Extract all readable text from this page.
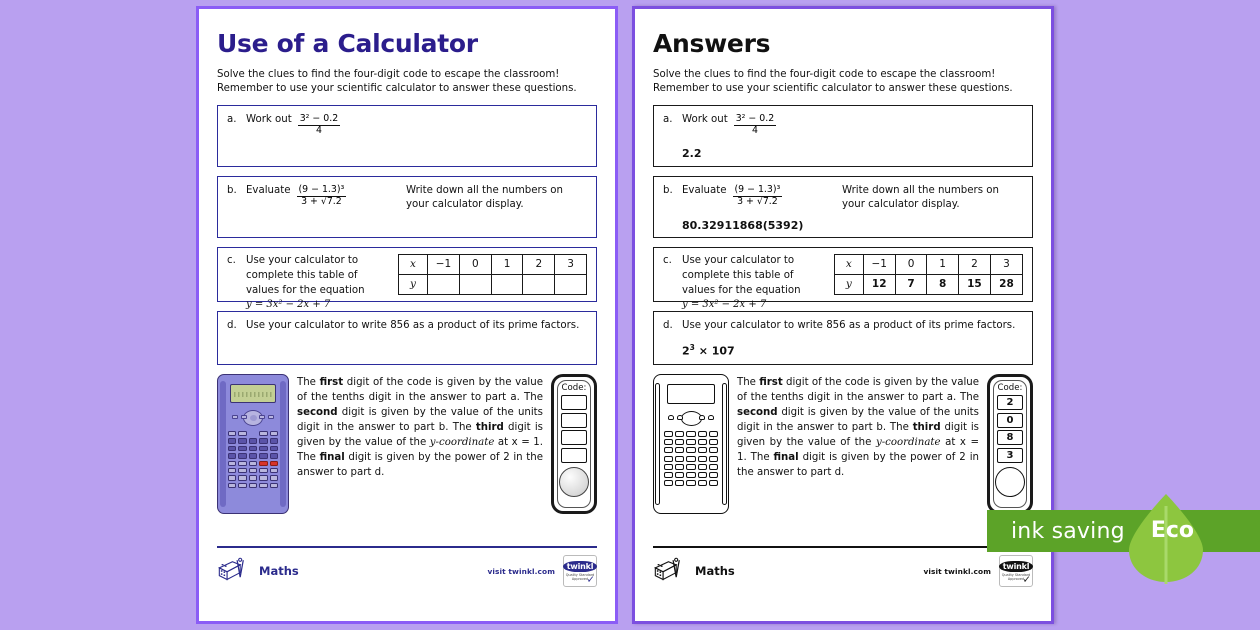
Use of a Calculator
Solve the clues to find the four-digit code to escape the classroom!
Remember to use your scientific calculator to answer these questions.
a. Work out $\frac{\text{3² − 0.2}}{4}$
b. Evaluate $\frac{\text{(9 − 1.3)³}}{3 + √7.2}$	Write down all the numbers on your calculator display.
c. Use your calculator to
complete this table of
values for the equation
y = 3x² − 2x + 7
x	−1	0	1	2	3
y					
d. Use your calculator to write 856 as a product of its prime factors.
The first digit of the code is given by the value of the tenths digit in the answer to part a. The second digit is given by the value of the units digit in the answer to part b. The third digit is given by the value of the y-coordinate at x = 1. The final digit is given by the power of 2 in the answer to part d.
Code:
Maths	visit twinkl.com
twinkl
Quality Standard Approved
✓
Answers
Solve the clues to find the four-digit code to escape the classroom!
Remember to use your scientific calculator to answer these questions.
a. Work out $\frac{\text{3² − 0.2}}{4}$
2.2
b. Evaluate $\frac{\text{(9 − 1.3)³}}{3 + √7.2}$	Write down all the numbers on your calculator display.
80.32911868(5392)
c. Use your calculator to
complete this table of
values for the equation
y = 3x² − 2x + 7
x	−1	0	1	2	3
y	12	7	8	15	28
d. Use your calculator to write 856 as a product of its prime factors.
$2^3 \times 107$
The first digit of the code is given by the value of the tenths digit in the answer to part a. The second digit is given by the value of the units digit in the answer to part b. The third digit is given by the value of the y-coordinate at x = 1. The final digit is given by the power of 2 in the answer to part d.
Code:
2
0
8
3
Maths	visit twinkl.com
twinkl
Quality Standard Approved
✓
ink saving Eco
